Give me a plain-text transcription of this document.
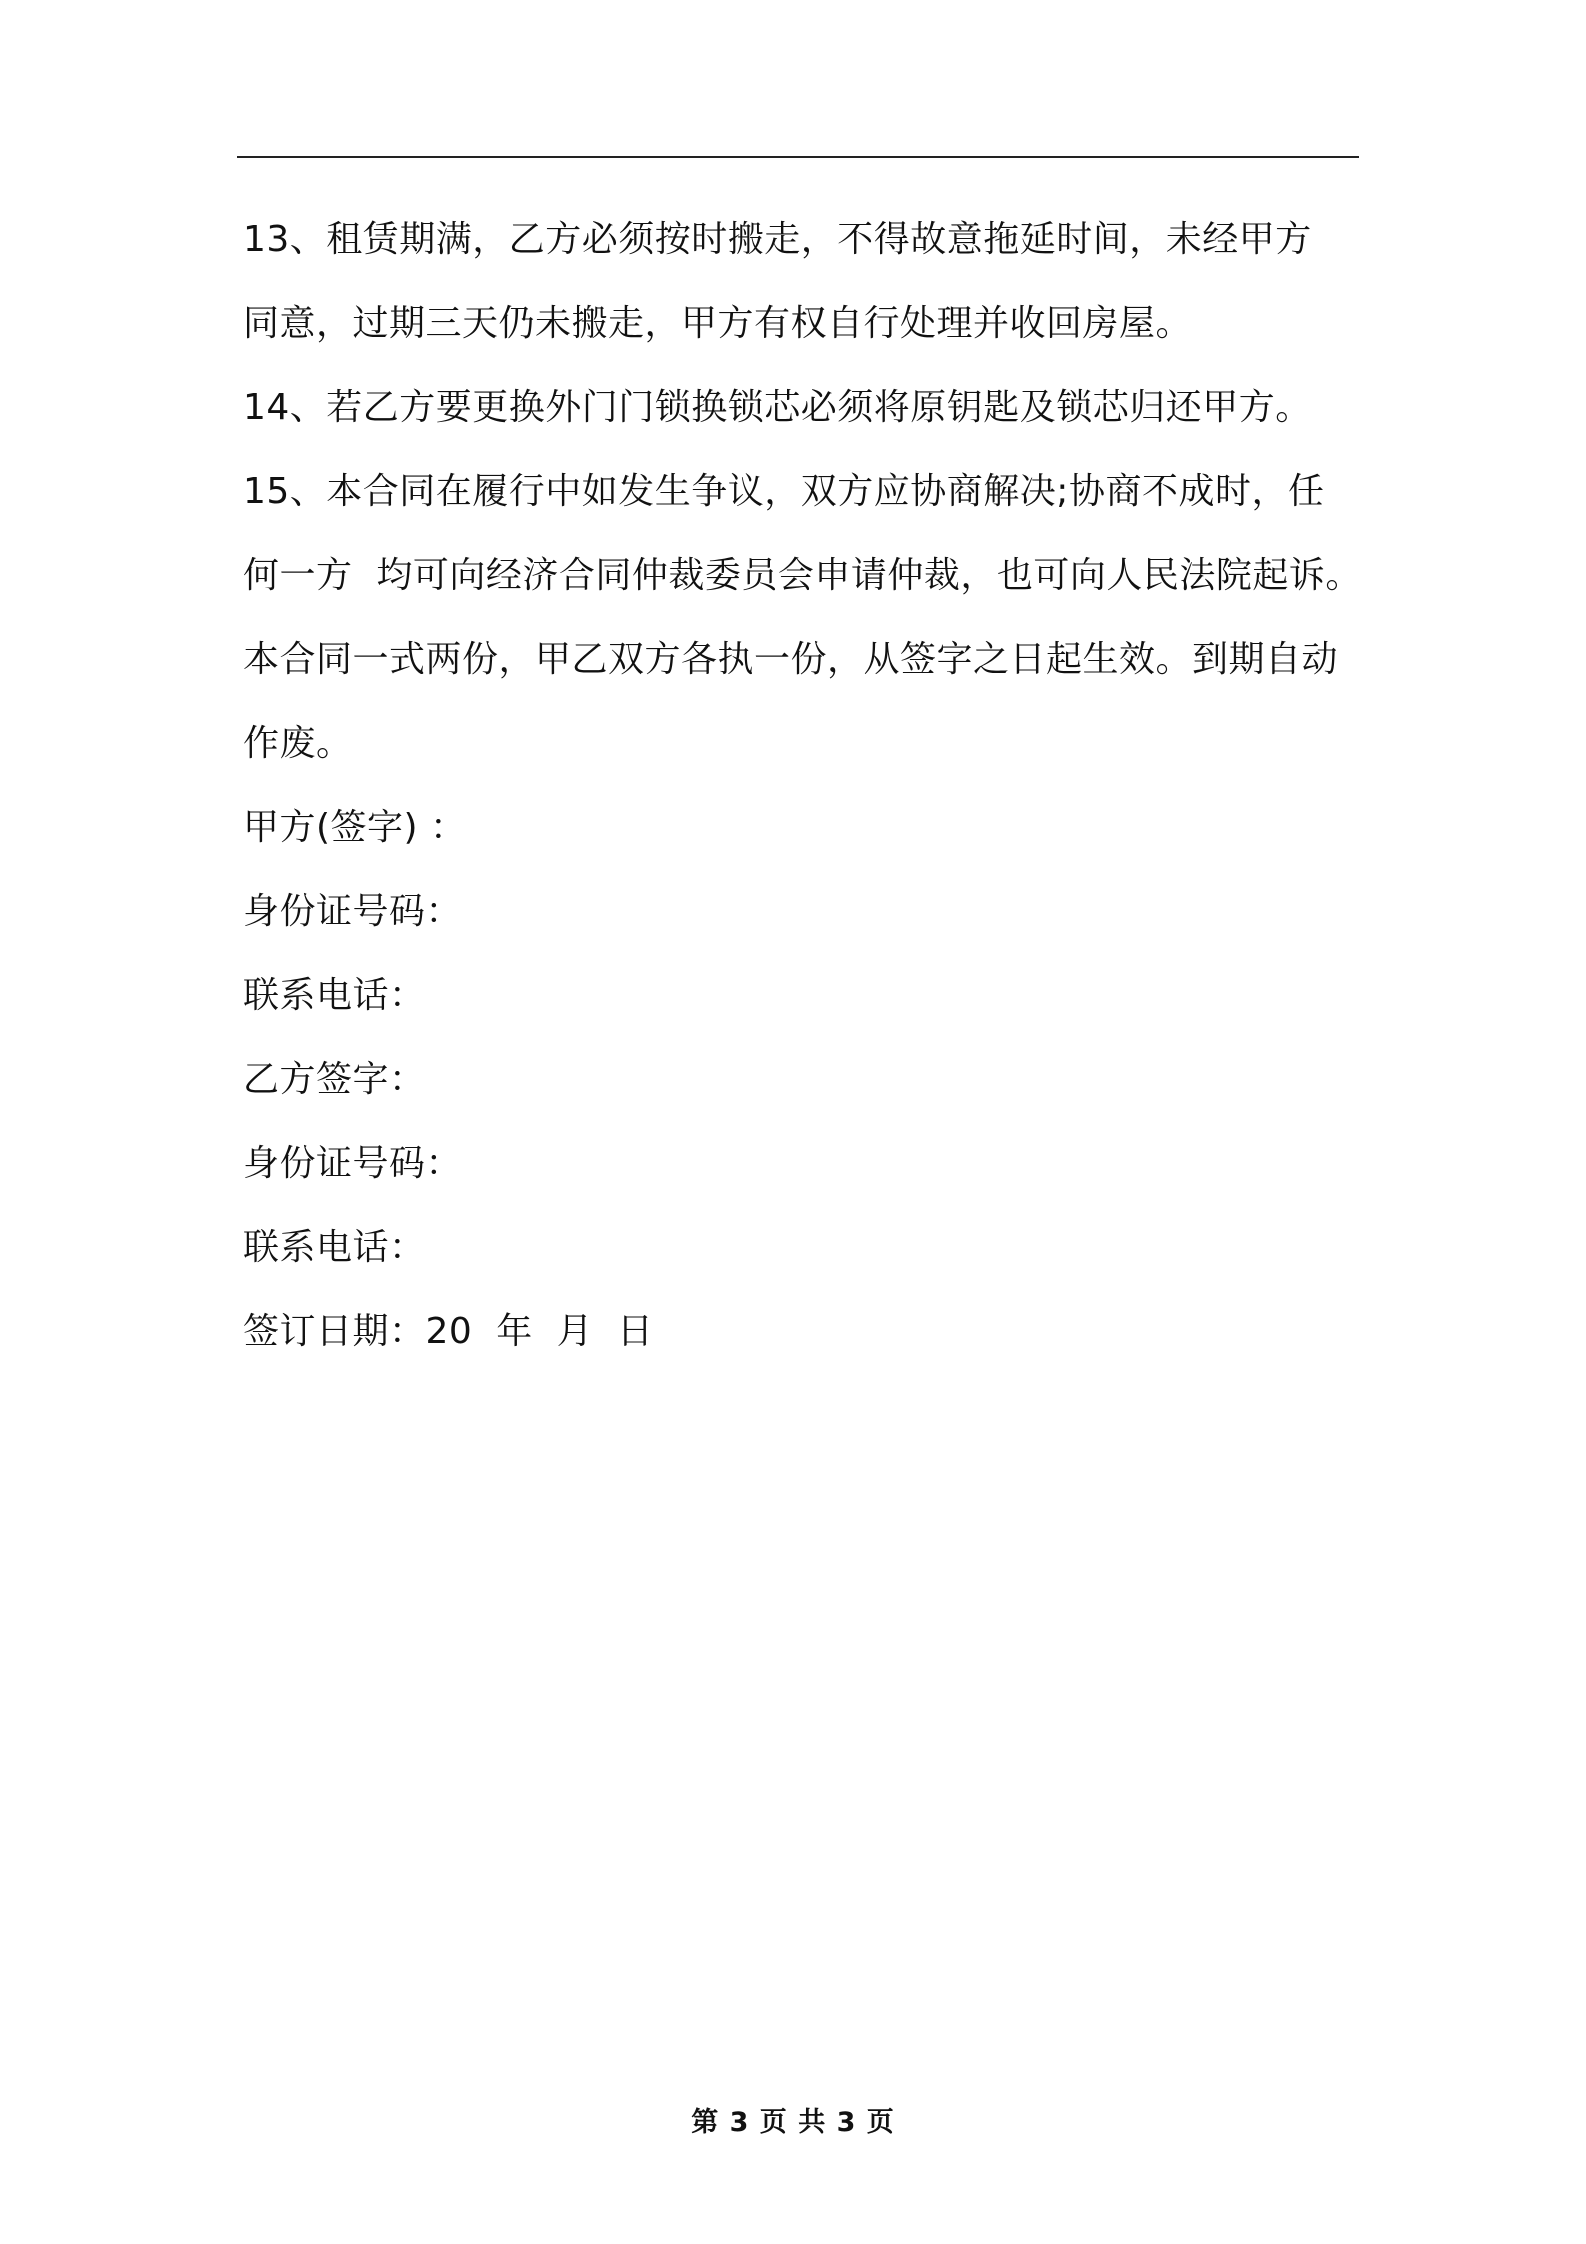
13、租赁期满，乙方必须按时搬走，不得故意拖延时间，未经甲方
同意，过期三天仍未搬走，甲方有权自行处理并收回房屋。
14、若乙方要更换外门门锁换锁芯必须将原钥匙及锁芯归还甲方。
15、本合同在履行中如发生争议，双方应协商解决;协商不成时，任
何一方  均可向经济合同仲裁委员会申请仲裁，也可向人民法院起诉。
本合同一式两份，甲乙双方各执一份，从签字之日起生效。到期自动
作废。
甲方(签字) ：
身份证号码：
联系电话：
乙方签字：
身份证号码：
联系电话：
签订日期：20  年  月  日
第 3 页 共 3 页
